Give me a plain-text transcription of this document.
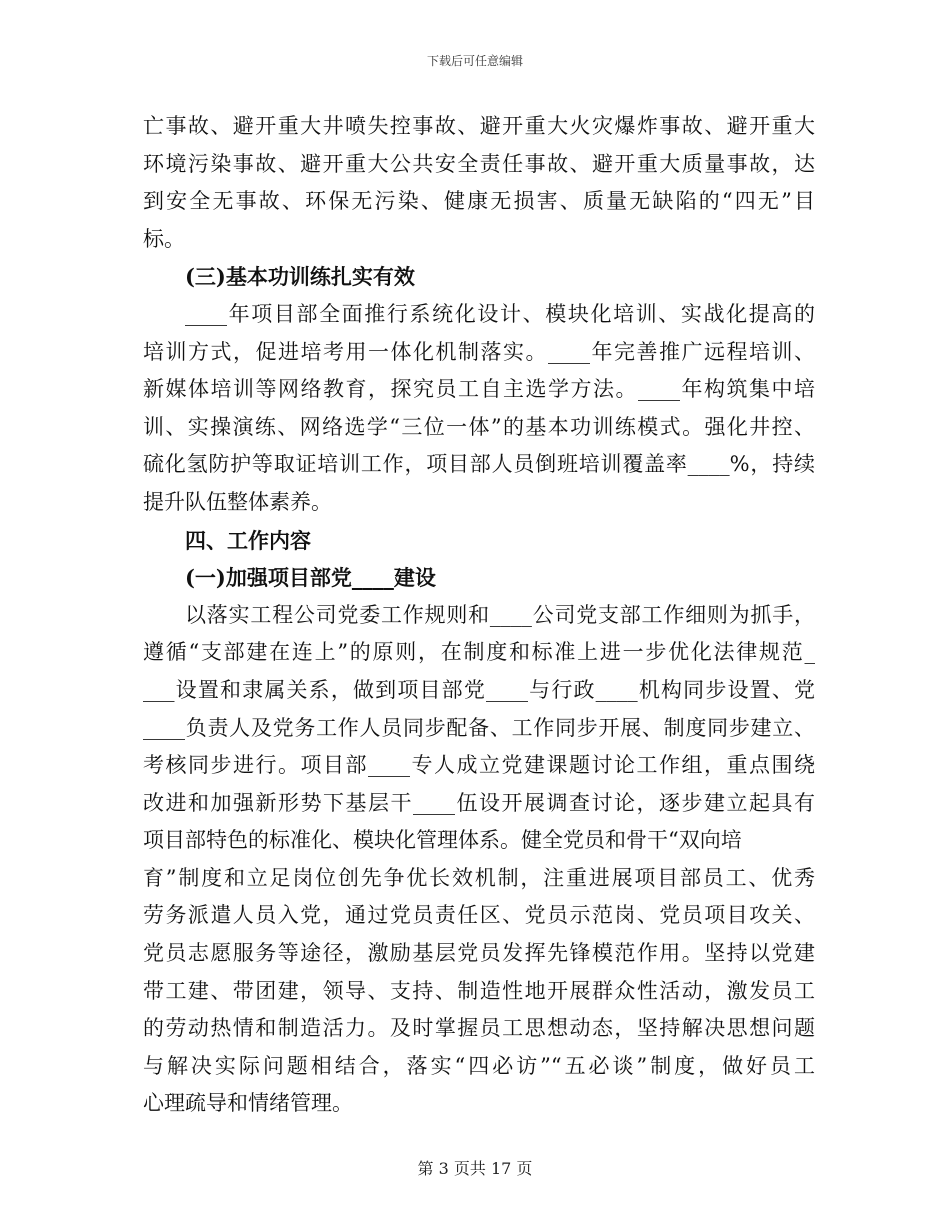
下载后可任意编辑
亡事故、避开重大井喷失控事故、避开重大火灾爆炸事故、避开重大
环境污染事故、避开重大公共安全责任事故、避开重大质量事故，达
到安全无事故、环保无污染、健康无损害、质量无缺陷的“四无”目
标。
(三)基本功训练扎实有效
____年项目部全面推行系统化设计、模块化培训、实战化提高的
培训方式，促进培考用一体化机制落实。____年完善推广远程培训、
新媒体培训等网络教育，探究员工自主选学方法。____年构筑集中培
训、实操演练、网络选学“三位一体”的基本功训练模式。强化井控、
硫化氢防护等取证培训工作，项目部人员倒班培训覆盖率____%，持续
提升队伍整体素养。
四、工作内容
(一)加强项目部党____建设
以落实工程公司党委工作规则和____公司党支部工作细则为抓手，
遵循“支部建在连上”的原则，在制度和标准上进一步优化法律规范_
___设置和隶属关系，做到项目部党____与行政____机构同步设置、党
____负责人及党务工作人员同步配备、工作同步开展、制度同步建立、
考核同步进行。项目部____专人成立党建课题讨论工作组，重点围绕
改进和加强新形势下基层干____伍设开展调查讨论，逐步建立起具有
项目部特色的标准化、模块化管理体系。健全党员和骨干“双向培
育”制度和立足岗位创先争优长效机制，注重进展项目部员工、优秀
劳务派遣人员入党，通过党员责任区、党员示范岗、党员项目攻关、
党员志愿服务等途径，激励基层党员发挥先锋模范作用。坚持以党建
带工建、带团建，领导、支持、制造性地开展群众性活动，激发员工
的劳动热情和制造活力。及时掌握员工思想动态，坚持解决思想问题
与解决实际问题相结合，落实“四必访”“五必谈”制度，做好员工
心理疏导和情绪管理。
第 3 页共 17 页
